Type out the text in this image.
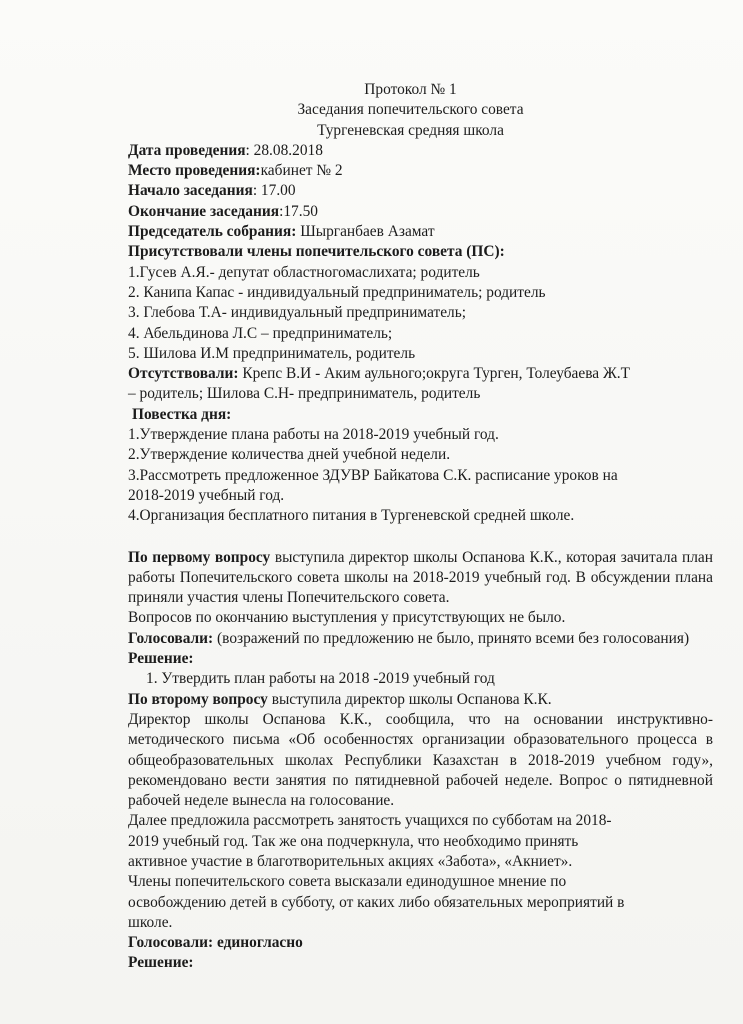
Протокол № 1
Заседания попечительского совета
Тургеневская средняя школа
Дата проведения: 28.08.2018
Место проведения:кабинет № 2
Начало заседания: 17.00
Окончание заседания:17.50
Председатель собрания: Шырганбаев Азамат
Присутствовали члены попечительского совета (ПС):
1.Гусев А.Я.- депутат областногомаслихата; родитель
2. Канипа Капас - индивидуальный предприниматель; родитель
3. Глебова Т.А- индивидуальный предприниматель;
4. Абельдинова Л.С – предприниматель;
5. Шилова И.М предприниматель, родитель
Отсутствовали: Крепс В.И - Аким аульного;округа Турген, Толеубаева Ж.Т
– родитель; Шилова С.Н- предприниматель, родитель
Повестка дня:
1.Утверждение плана работы на 2018-2019 учебный год.
2.Утверждение количества дней учебной недели.
3.Рассмотреть предложенное ЗДУВР Байкатова С.К. расписание уроков на
2018-2019 учебный год.
4.Организация бесплатного питания в Тургеневской средней школе.
По первому вопросу выступила директор школы Оспанова К.К., которая зачитала план работы Попечительского совета школы на 2018-2019 учебный год. В обсуждении плана приняли участия члены Попечительского совета.
Вопросов по окончанию выступления у присутствующих не было.
Голосовали: (возражений по предложению не было, принято всеми без голосования)
Решение:
1. Утвердить план работы на 2018 -2019 учебный год
По второму вопросу выступила директор школы Оспанова К.К.
Директор школы Оспанова К.К., сообщила, что на основании инструктивно-методического письма «Об особенностях организации образовательного процесса в общеобразовательных школах Республики Казахстан в 2018-2019 учебном году», рекомендовано вести занятия по пятидневной рабочей неделе. Вопрос о пятидневной рабочей неделе вынесла на голосование.
Далее предложила рассмотреть занятость учащихся по субботам на 2018-
2019 учебный год. Так же она подчеркнула, что необходимо принять
активное участие в благотворительных акциях «Забота», «Акниет».
Члены попечительского совета высказали единодушное мнение по
освобождению детей в субботу, от каких либо обязательных мероприятий в
школе.
Голосовали: единогласно
Решение:
